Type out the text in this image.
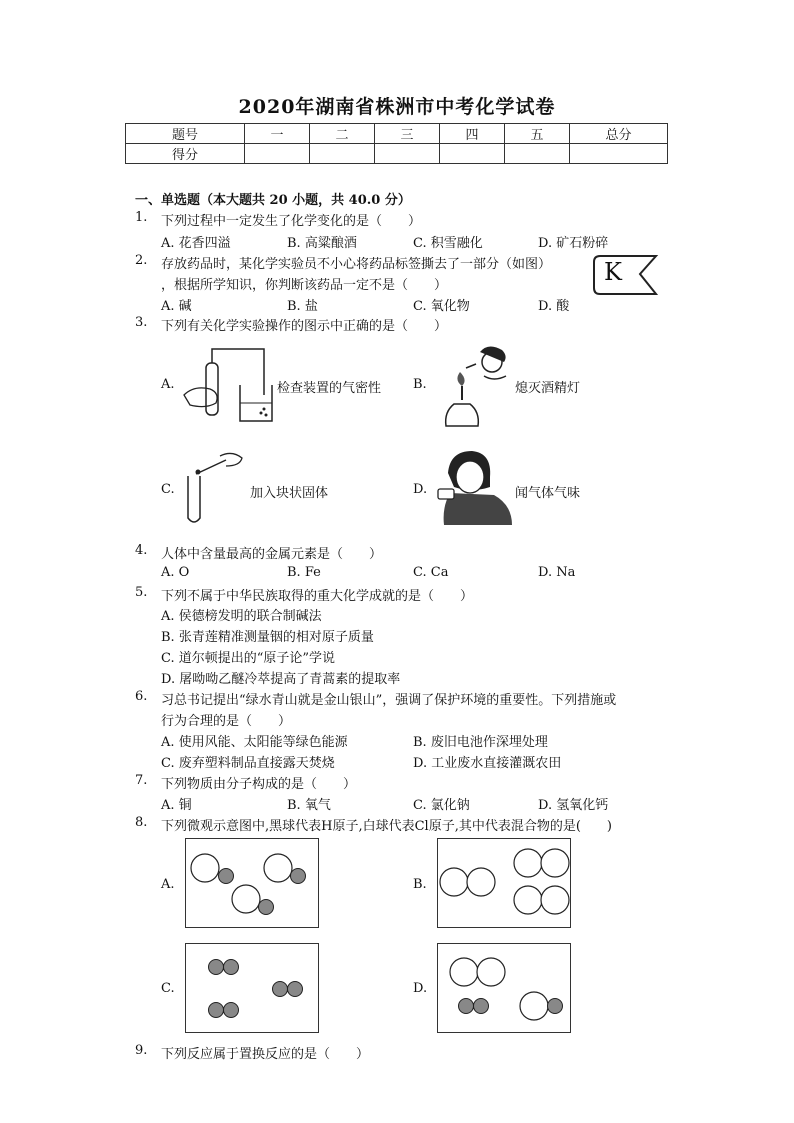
2020年湖南省株洲市中考化学试卷
题号	一	二	三	四	五	总分
得分						
一、单选题（本大题共 20 小题，共 40.0 分）
1. 下列过程中一定发生了化学变化的是（　　）
A. 花香四溢	B. 高粱酿酒	C. 积雪融化	D. 矿石粉碎
2. 存放药品时，某化学实验员不小心将药品标签撕去了一部分（如图）
，根据所学知识，你判断该药品一定不是（　　）
A. 碱	B. 盐	C. 氧化物	D. 酸
K
3. 下列有关化学实验操作的图示中正确的是（　　）
A.	检查装置的气密性 B.	熄灭酒精灯
C.	加入块状固体	D.	闻气体气味
4. 人体中含量最高的金属元素是（　　）
A. O	B. Fe	C. Ca	D. Na
5. 下列不属于中华民族取得的重大化学成就的是（　　）
A. 侯德榜发明的联合制碱法
B. 张青莲精准测量铟的相对原子质量
C. 道尔顿提出的“原子论”学说
D. 屠呦呦乙醚冷萃提高了青蒿素的提取率
6. 习总书记提出“绿水青山就是金山银山”，强调了保护环境的重要性。下列措施或
行为合理的是（　　）
A. 使用风能、太阳能等绿色能源	B. 废旧电池作深埋处理
C. 废弃塑料制品直接露天焚烧	D. 工业废水直接灌溉农田
7. 下列物质由分子构成的是（　　）
A. 铜	B. 氧气	C. 氯化钠	D. 氢氧化钙
8. 下列微观示意图中,黑球代表H原子,白球代表Cl原子,其中代表混合物的是(　　)
A.	B.
C.	D.
9. 下列反应属于置换反应的是（　　）
